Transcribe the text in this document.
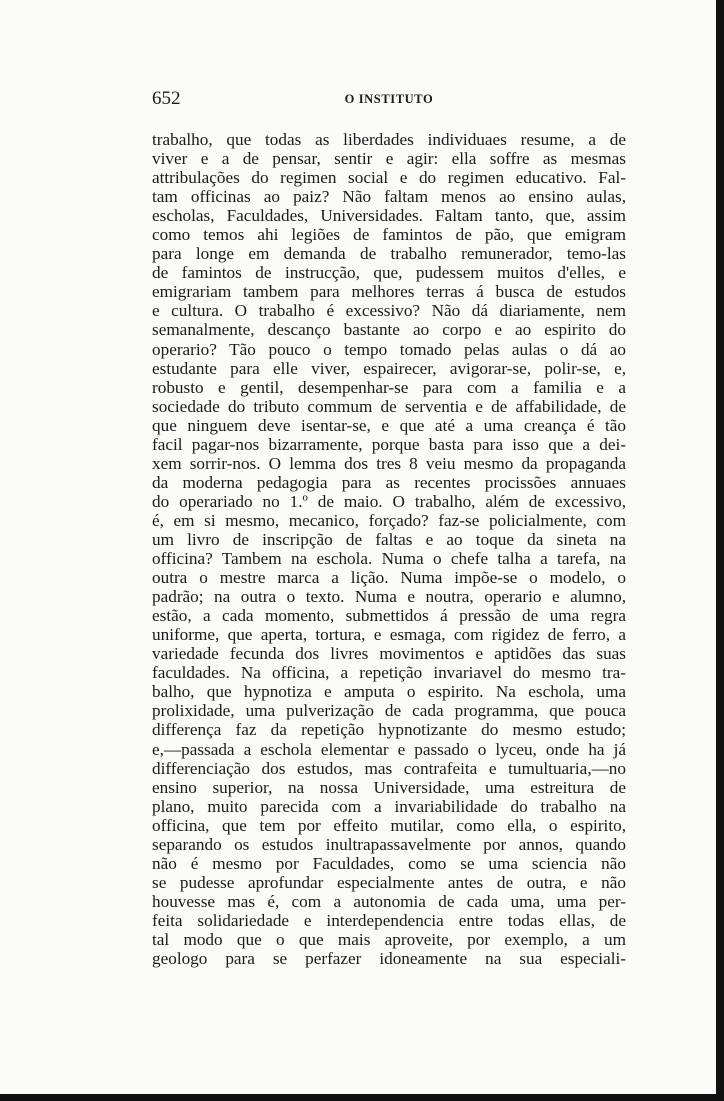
652	O INSTITUTO
trabalho, que todas as liberdades individuaes resume, a de
viver e a de pensar, sentir e agir: ella soffre as mesmas
attribulações do regimen social e do regimen educativo. Fal-
tam officinas ao paiz? Não faltam menos ao ensino aulas,
escholas, Faculdades, Universidades. Faltam tanto, que, assim
como temos ahi legiões de famintos de pão, que emigram
para longe em demanda de trabalho remunerador, temo-las
de famintos de instrucção, que, pudessem muitos d'elles, e
emigrariam tambem para melhores terras á busca de estudos
e cultura. O trabalho é excessivo? Não dá diariamente, nem
semanalmente, descanço bastante ao corpo e ao espirito do
operario? Tão pouco o tempo tomado pelas aulas o dá ao
estudante para elle viver, espairecer, avigorar-se, polir-se, e,
robusto e gentil, desempenhar-se para com a familia e a
sociedade do tributo commum de serventia e de affabilidade, de
que ninguem deve isentar-se, e que até a uma creança é tão
facil pagar-nos bizarramente, porque basta para isso que a dei-
xem sorrir-nos. O lemma dos tres 8 veiu mesmo da propaganda
da moderna pedagogia para as recentes procissões annuaes
do operariado no 1.º de maio. O trabalho, além de excessivo,
é, em si mesmo, mecanico, forçado? faz-se policialmente, com
um livro de inscripção de faltas e ao toque da sineta na
officina? Tambem na eschola. Numa o chefe talha a tarefa, na
outra o mestre marca a lição. Numa impõe-se o modelo, o
padrão; na outra o texto. Numa e noutra, operario e alumno,
estão, a cada momento, submettidos á pressão de uma regra
uniforme, que aperta, tortura, e esmaga, com rigidez de ferro, a
variedade fecunda dos livres movimentos e aptidões das suas
faculdades. Na officina, a repetição invariavel do mesmo tra-
balho, que hypnotiza e amputa o espirito. Na eschola, uma
prolixidade, uma pulverização de cada programma, que pouca
differença faz da repetição hypnotizante do mesmo estudo;
e,—passada a eschola elementar e passado o lyceu, onde ha já
differenciação dos estudos, mas contrafeita e tumultuaria,—no
ensino superior, na nossa Universidade, uma estreitura de
plano, muito parecida com a invariabilidade do trabalho na
officina, que tem por effeito mutilar, como ella, o espirito,
separando os estudos inultrapassavelmente por annos, quando
não é mesmo por Faculdades, como se uma sciencia não
se pudesse aprofundar especialmente antes de outra, e não
houvesse mas é, com a autonomia de cada uma, uma per-
feita solidariedade e interdependencia entre todas ellas, de
tal modo que o que mais aproveite, por exemplo, a um
geologo para se perfazer idoneamente na sua especiali-
